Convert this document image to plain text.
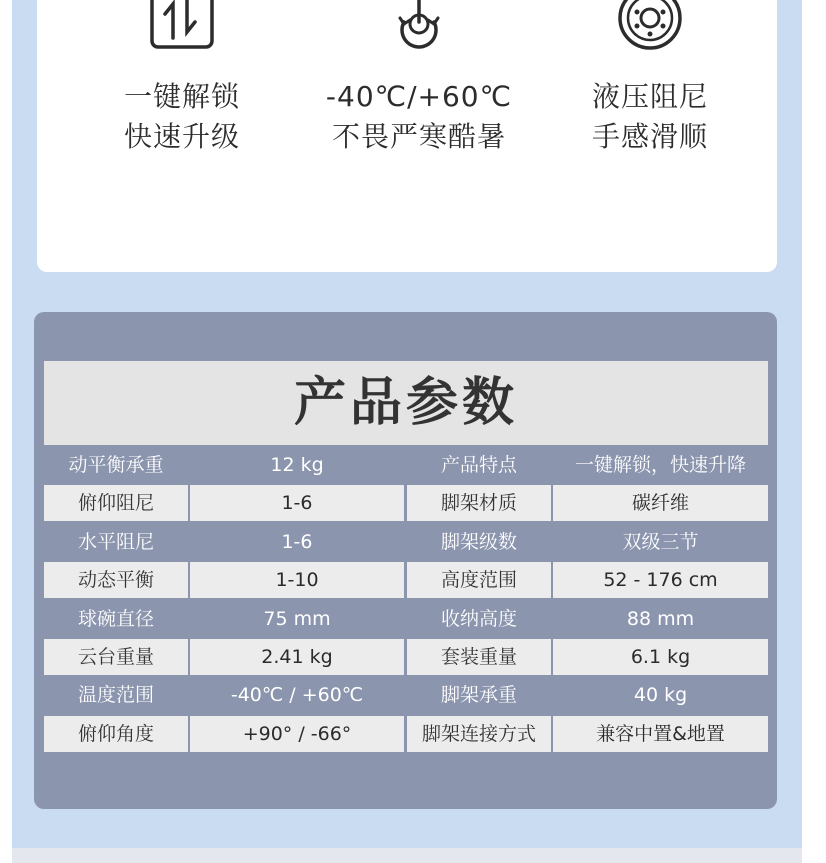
一键解锁
快速升级
-40℃/+60℃
不畏严寒酷暑
液压阻尼
手感滑顺
产品参数
动平衡承重	12 kg	产品特点	一键解锁，快速升降
俯仰阻尼	1-6	脚架材质	碳纤维
水平阻尼	1-6	脚架级数	双级三节
动态平衡	1-10	高度范围	52 - 176 cm
球碗直径	75 mm	收纳高度	88 mm
云台重量	2.41 kg	套装重量	6.1 kg
温度范围	-40℃ / +60℃	脚架承重	40 kg
俯仰角度	+90° / -66°	脚架连接方式	兼容中置&地置
